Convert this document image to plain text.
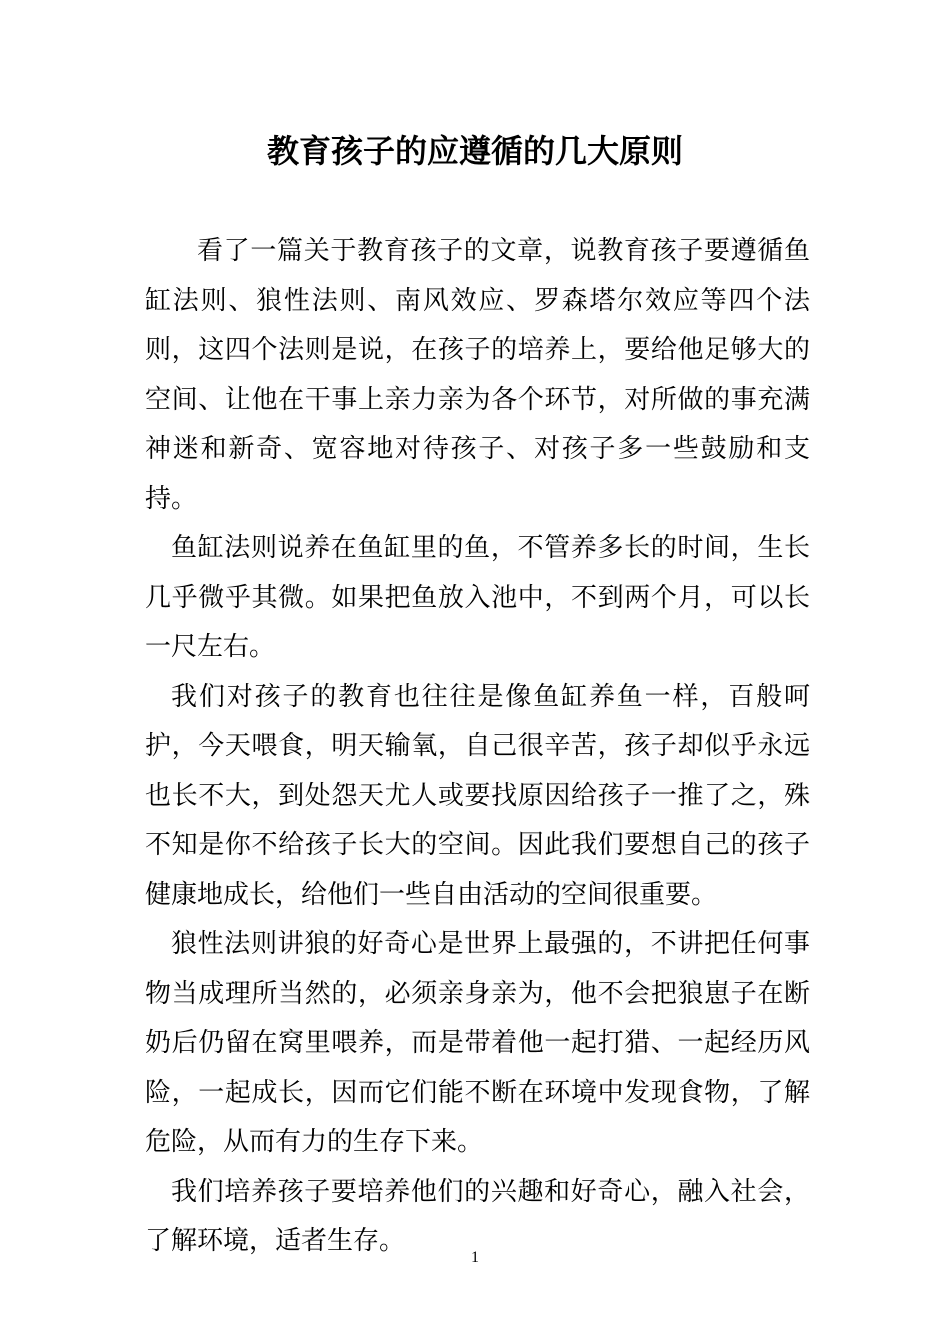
教育孩子的应遵循的几大原则

看了一篇关于教育孩子的文章，说教育孩子要遵循鱼缸法则、狼性法则、南风效应、罗森塔尔效应等四个法则，这四个法则是说，在孩子的培养上，要给他足够大的空间、让他在干事上亲力亲为各个环节，对所做的事充满神迷和新奇、宽容地对待孩子、对孩子多一些鼓励和支持。

鱼缸法则说养在鱼缸里的鱼，不管养多长的时间，生长几乎微乎其微。如果把鱼放入池中，不到两个月，可以长一尺左右。

我们对孩子的教育也往往是像鱼缸养鱼一样，百般呵护，今天喂食，明天输氧，自己很辛苦，孩子却似乎永远也长不大，到处怨天尤人或要找原因给孩子一推了之，殊不知是你不给孩子长大的空间。因此我们要想自己的孩子健康地成长，给他们一些自由活动的空间很重要。

狼性法则讲狼的好奇心是世界上最强的，不讲把任何事物当成理所当然的，必须亲身亲为，他不会把狼崽子在断奶后仍留在窝里喂养，而是带着他一起打猎、一起经历风险，一起成长，因而它们能不断在环境中发现食物，了解危险，从而有力的生存下来。

我们培养孩子要培养他们的兴趣和好奇心，融入社会，了解环境，适者生存。

1
